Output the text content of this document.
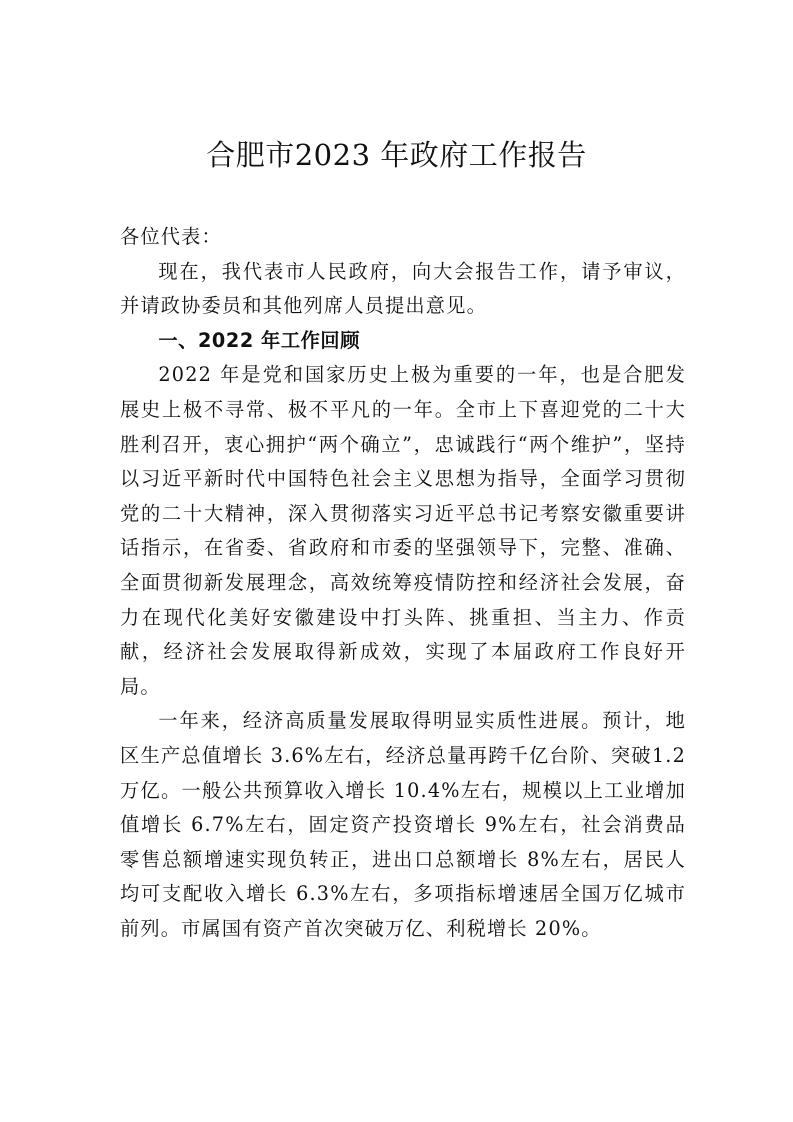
合肥市2023 年政府工作报告

各位代表：

现在，我代表市人民政府，向大会报告工作，请予审议，并请政协委员和其他列席人员提出意见。

一、2022 年工作回顾

2022 年是党和国家历史上极为重要的一年，也是合肥发展史上极不寻常、极不平凡的一年。全市上下喜迎党的二十大胜利召开，衷心拥护“两个确立”，忠诚践行“两个维护”，坚持以习近平新时代中国特色社会主义思想为指导，全面学习贯彻党的二十大精神，深入贯彻落实习近平总书记考察安徽重要讲话指示，在省委、省政府和市委的坚强领导下，完整、准确、全面贯彻新发展理念，高效统筹疫情防控和经济社会发展，奋力在现代化美好安徽建设中打头阵、挑重担、当主力、作贡献，经济社会发展取得新成效，实现了本届政府工作良好开局。

一年来，经济高质量发展取得明显实质性进展。预计，地区生产总值增长 3.6%左右，经济总量再跨千亿台阶、突破1.2 万亿。一般公共预算收入增长 10.4%左右，规模以上工业增加值增长 6.7%左右，固定资产投资增长 9%左右，社会消费品零售总额增速实现负转正，进出口总额增长 8%左右，居民人均可支配收入增长 6.3%左右，多项指标增速居全国万亿城市前列。市属国有资产首次突破万亿、利税增长 20%。
